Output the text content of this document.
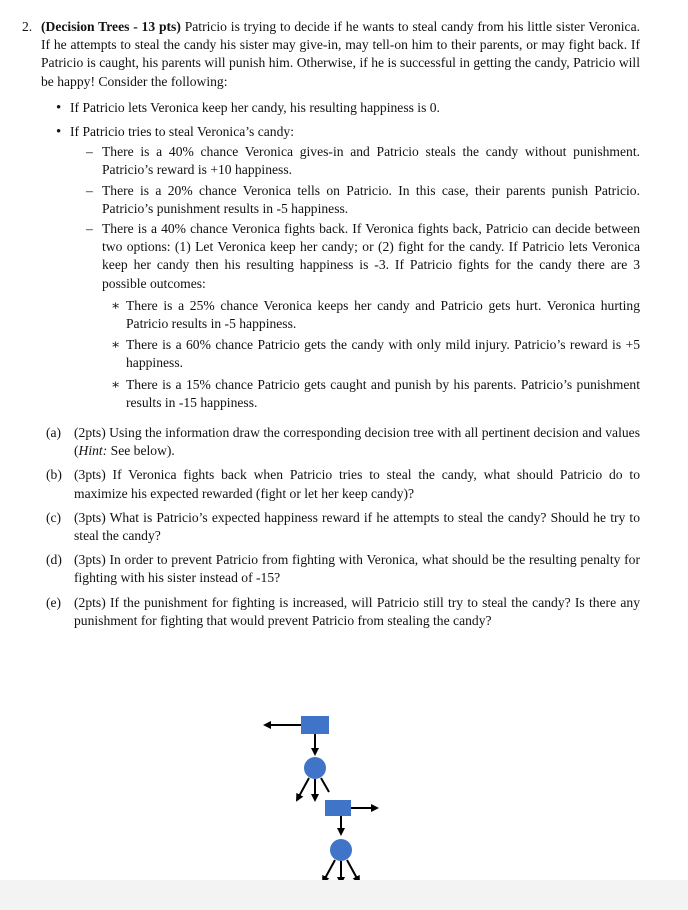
2. (Decision Trees - 13 pts) Patricio is trying to decide if he wants to steal candy from his little sister Veronica. If he attempts to steal the candy his sister may give-in, may tell-on him to their parents, or may fight back. If Patricio is caught, his parents will punish him. Otherwise, if he is successful in getting the candy, Patricio will be happy! Consider the following:
• If Patricio lets Veronica keep her candy, his resulting happiness is 0.
• If Patricio tries to steal Veronica’s candy:
– There is a 40% chance Veronica gives-in and Patricio steals the candy without punishment. Patricio’s reward is +10 happiness.
– There is a 20% chance Veronica tells on Patricio. In this case, their parents punish Patricio. Patricio’s punishment results in -5 happiness.
– There is a 40% chance Veronica fights back. If Veronica fights back, Patricio can decide between two options: (1) Let Veronica keep her candy; or (2) fight for the candy. If Patricio lets Veronica keep her candy then his resulting happiness is -3. If Patricio fights for the candy there are 3 possible outcomes:
∗ There is a 25% chance Veronica keeps her candy and Patricio gets hurt. Veronica hurting Patricio results in -5 happiness.
∗ There is a 60% chance Patricio gets the candy with only mild injury. Patricio’s reward is +5 happiness.
∗ There is a 15% chance Patricio gets caught and punish by his parents. Patricio’s punishment results in -15 happiness.
(a) (2pts) Using the information draw the corresponding decision tree with all pertinent decision and values (Hint: See below).
(b) (3pts) If Veronica fights back when Patricio tries to steal the candy, what should Patricio do to maximize his expected rewarded (fight or let her keep candy)?
(c) (3pts) What is Patricio’s expected happiness reward if he attempts to steal the candy? Should he try to steal the candy?
(d) (3pts) In order to prevent Patricio from fighting with Veronica, what should be the resulting penalty for fighting with his sister instead of -15?
(e) (2pts) If the punishment for fighting is increased, will Patricio still try to steal the candy? Is there any punishment for fighting that would prevent Patricio from stealing the candy?
